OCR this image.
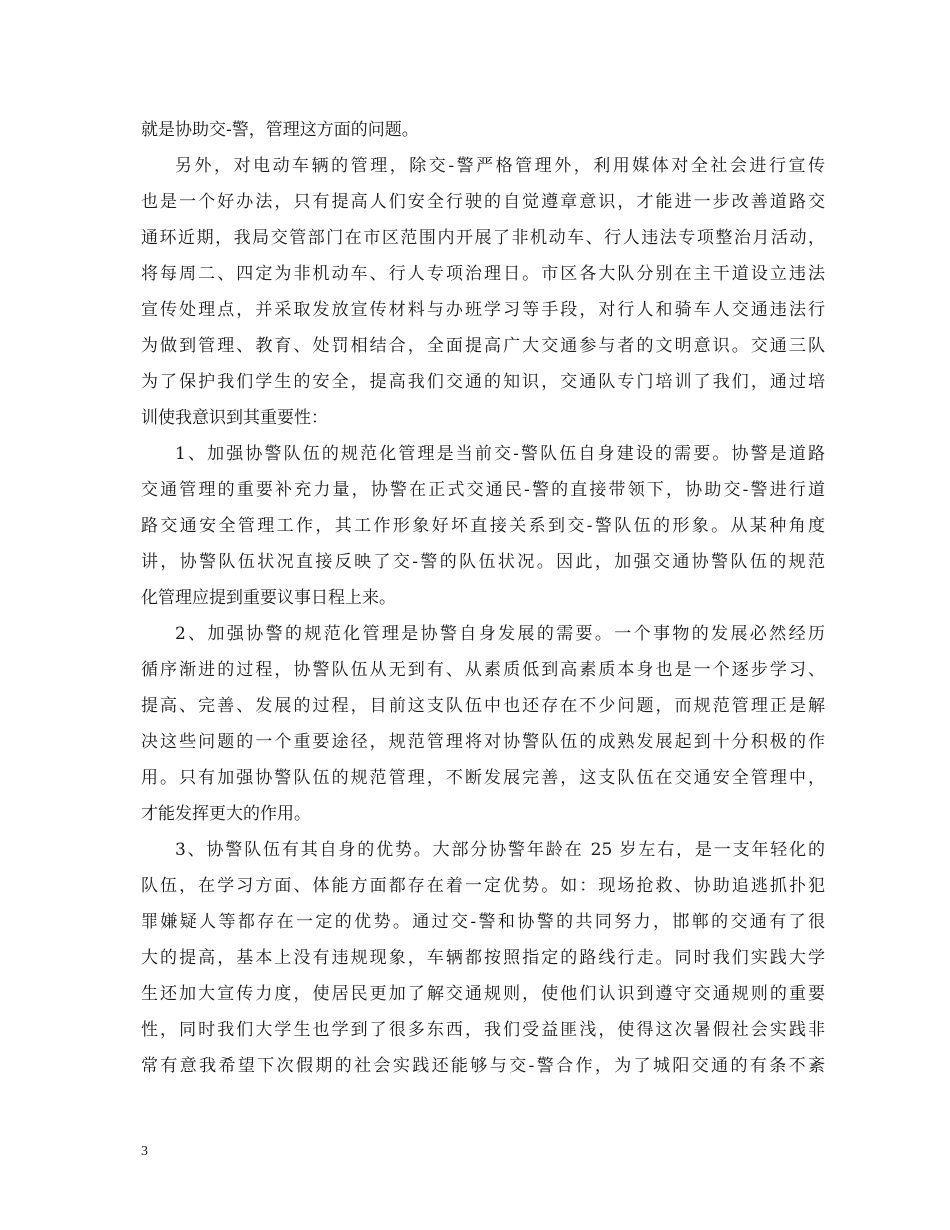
就是协助交-警，管理这方面的问题。
另外，对电动车辆的管理，除交-警严格管理外，利用媒体对全社会进行宣传
也是一个好办法，只有提高人们安全行驶的自觉遵章意识，才能进一步改善道路交
通环近期，我局交管部门在市区范围内开展了非机动车、行人违法专项整治月活动，
将每周二、四定为非机动车、行人专项治理日。市区各大队分别在主干道设立违法
宣传处理点，并采取发放宣传材料与办班学习等手段，对行人和骑车人交通违法行
为做到管理、教育、处罚相结合，全面提高广大交通参与者的文明意识。交通三队
为了保护我们学生的安全，提高我们交通的知识，交通队专门培训了我们，通过培
训使我意识到其重要性：
1、加强协警队伍的规范化管理是当前交-警队伍自身建设的需要。协警是道路
交通管理的重要补充力量，协警在正式交通民-警的直接带领下，协助交-警进行道
路交通安全管理工作，其工作形象好坏直接关系到交-警队伍的形象。从某种角度
讲，协警队伍状况直接反映了交-警的队伍状况。因此，加强交通协警队伍的规范
化管理应提到重要议事日程上来。
2、加强协警的规范化管理是协警自身发展的需要。一个事物的发展必然经历
循序渐进的过程，协警队伍从无到有、从素质低到高素质本身也是一个逐步学习、
提高、完善、发展的过程，目前这支队伍中也还存在不少问题，而规范管理正是解
决这些问题的一个重要途径，规范管理将对协警队伍的成熟发展起到十分积极的作
用。只有加强协警队伍的规范管理，不断发展完善，这支队伍在交通安全管理中，
才能发挥更大的作用。
3、协警队伍有其自身的优势。大部分协警年龄在 25 岁左右，是一支年轻化的
队伍，在学习方面、体能方面都存在着一定优势。如：现场抢救、协助追逃抓扑犯
罪嫌疑人等都存在一定的优势。通过交-警和协警的共同努力，邯郸的交通有了很
大的提高，基本上没有违规现象，车辆都按照指定的路线行走。同时我们实践大学
生还加大宣传力度，使居民更加了解交通规则，使他们认识到遵守交通规则的重要
性，同时我们大学生也学到了很多东西，我们受益匪浅，使得这次暑假社会实践非
常有意我希望下次假期的社会实践还能够与交-警合作，为了城阳交通的有条不紊
3
